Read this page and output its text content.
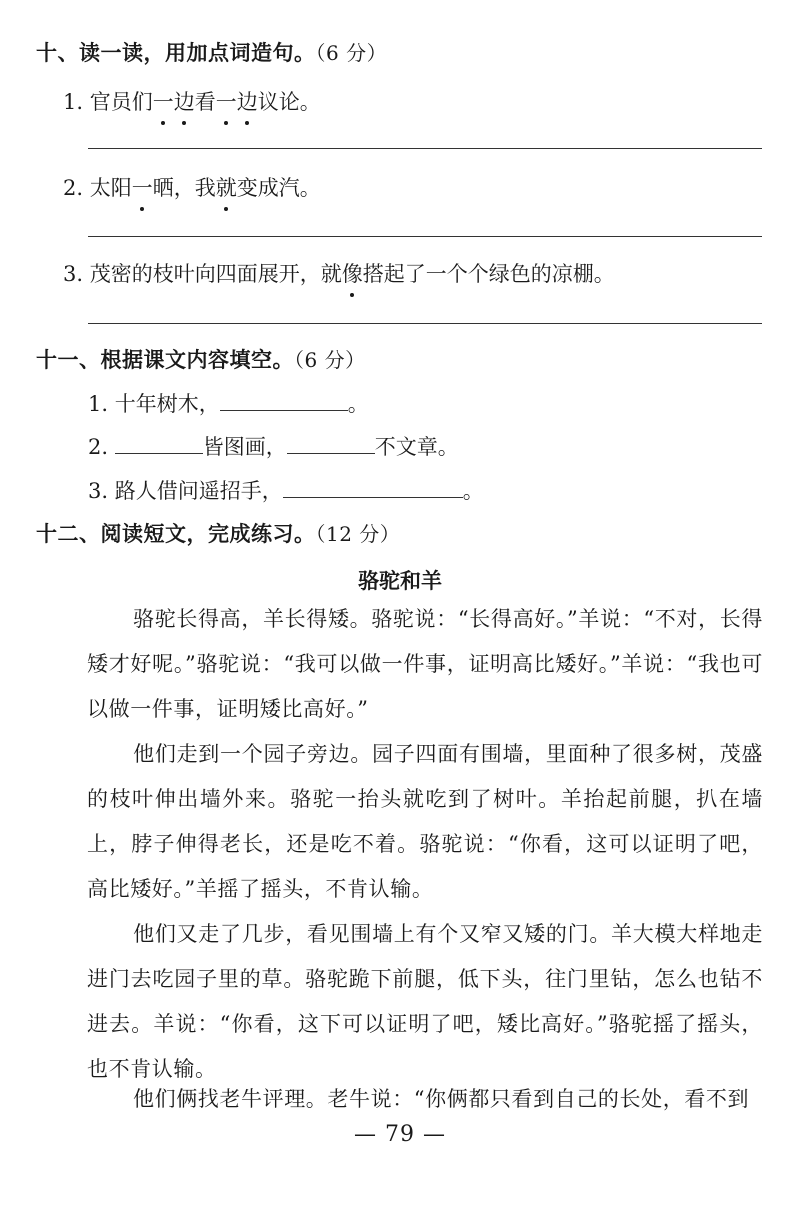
十、读一读，用加点词造句。（6 分）
1. 官员们一边看一边议论。
2. 太阳一晒，我就变成汽。
3. 茂密的枝叶向四面展开，就像搭起了一个个绿色的凉棚。
十一、根据课文内容填空。（6 分）
1. 十年树木，	。
2.	皆图画，	不文章。
3. 路人借问遥招手，	。
十二、阅读短文，完成练习。（12 分）
骆驼和羊
骆驼长得高，羊长得矮。骆驼说：“长得高好。”羊说：“不对，长得矮才好呢。”骆驼说：“我可以做一件事，证明高比矮好。”羊说：“我也可以做一件事，证明矮比高好。”
他们走到一个园子旁边。园子四面有围墙，里面种了很多树，茂盛的枝叶伸出墙外来。骆驼一抬头就吃到了树叶。羊抬起前腿，扒在墙上，脖子伸得老长，还是吃不着。骆驼说：“你看，这可以证明了吧，高比矮好。”羊摇了摇头，不肯认输。
他们又走了几步，看见围墙上有个又窄又矮的门。羊大模大样地走进门去吃园子里的草。骆驼跪下前腿，低下头，往门里钻，怎么也钻不进去。羊说：“你看，这下可以证明了吧，矮比高好。”骆驼摇了摇头，也不肯认输。
他们俩找老牛评理。老牛说：“你俩都只看到自己的长处，看不到
— 79 —
